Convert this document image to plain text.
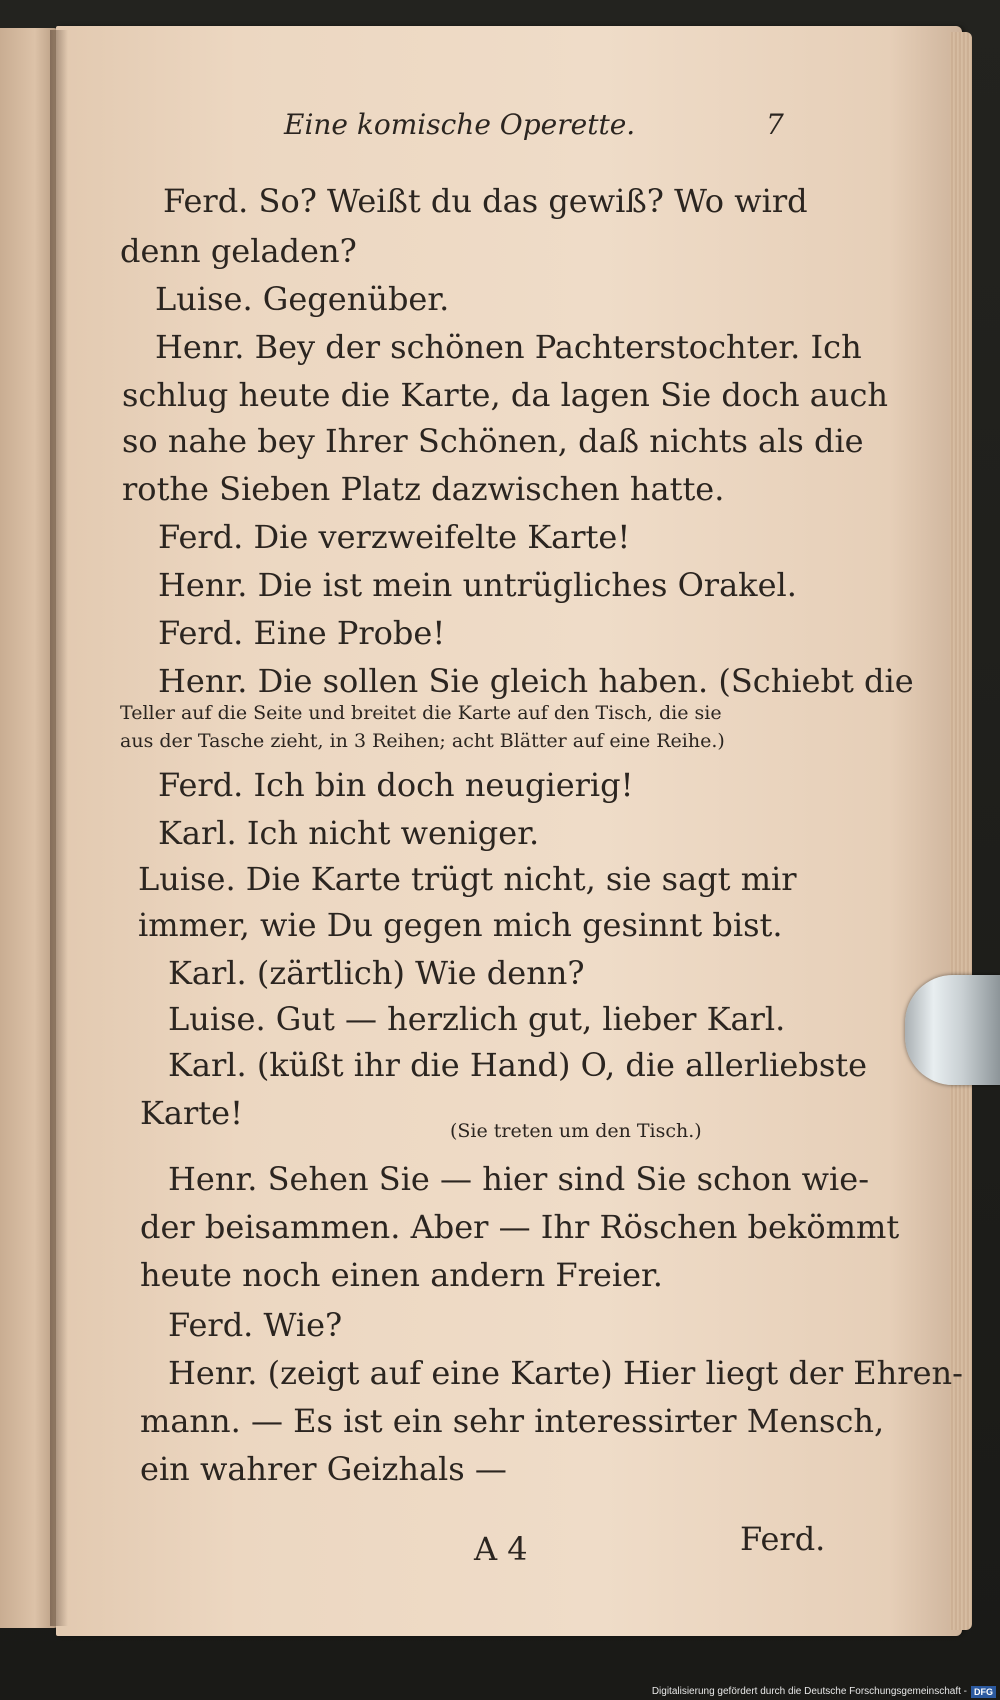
Eine komische Operette.	7
Ferd. So? Weißt du das gewiß? Wo wird
denn geladen?
Luise. Gegenüber.
Henr. Bey der schönen Pachterstochter. Ich
schlug heute die Karte, da lagen Sie doch auch
so nahe bey Ihrer Schönen, daß nichts als die
rothe Sieben Platz dazwischen hatte.
Ferd. Die verzweifelte Karte!
Henr. Die ist mein untrügliches Orakel.
Ferd. Eine Probe!
Henr. Die sollen Sie gleich haben. (Schiebt die
Teller auf die Seite und breitet die Karte auf den Tisch, die sie
aus der Tasche zieht, in 3 Reihen; acht Blätter auf eine Reihe.)
Ferd. Ich bin doch neugierig!
Karl. Ich nicht weniger.
Luise. Die Karte trügt nicht, sie sagt mir
immer, wie Du gegen mich gesinnt bist.
Karl. (zärtlich) Wie denn?
Luise. Gut — herzlich gut, lieber Karl.
Karl. (küßt ihr die Hand) O, die allerliebste
Karte!	(Sie treten um den Tisch.)
Henr. Sehen Sie — hier sind Sie schon wie-
der beisammen. Aber — Ihr Röschen bekömmt
heute noch einen andern Freier.
Ferd. Wie?
Henr. (zeigt auf eine Karte) Hier liegt der Ehren-
mann. — Es ist ein sehr interessirter Mensch,
ein wahrer Geizhals —
A 4	Ferd.
Digitalisierung gefördert durch die Deutsche Forschungsgemeinschaft - DFG
